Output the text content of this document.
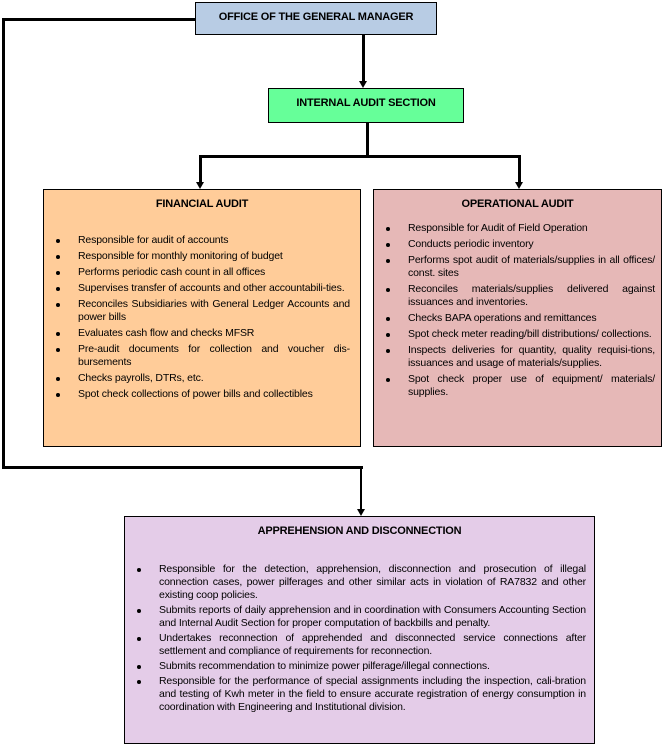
OFFICE OF THE GENERAL MANAGER
INTERNAL AUDIT SECTION
FINANCIAL AUDIT
Responsible for audit of accounts
Responsible for monthly monitoring of budget
Performs periodic cash count in all offices
Supervises transfer of accounts and other accountabili-ties.
Reconciles Subsidiaries with General Ledger Accounts and power bills
Evaluates cash flow and checks MFSR
Pre-audit documents for collection and voucher dis-bursements
Checks payrolls, DTRs, etc.
Spot check collections of power bills and collectibles
OPERATIONAL AUDIT
Responsible for Audit of Field Operation
Conducts periodic inventory
Performs spot audit of materials/supplies in all offices/ const. sites
Reconciles materials/supplies delivered against issuances and inventories.
Checks BAPA operations and remittances
Spot check meter reading/bill distributions/ collections.
Inspects deliveries for quantity, quality requisi-tions, issuances and usage of materials/supplies.
Spot check proper use of equipment/ materials/ supplies.
APPREHENSION AND DISCONNECTION
Responsible for the detection, apprehension, disconnection and prosecution of illegal connection cases, power pilferages and other similar acts in violation of RA7832 and other existing coop policies.
Submits reports of daily apprehension and in coordination with Consumers Accounting Section and Internal Audit Section for proper computation of backbills and penalty.
Undertakes reconnection of apprehended and disconnected service connections after settlement and compliance of requirements for reconnection.
Submits recommendation to minimize power pilferage/illegal connections.
Responsible for the performance of special assignments including the inspection, cali-bration and testing of Kwh meter in the field to ensure accurate registration of energy consumption in coordination with Engineering and Institutional division.
